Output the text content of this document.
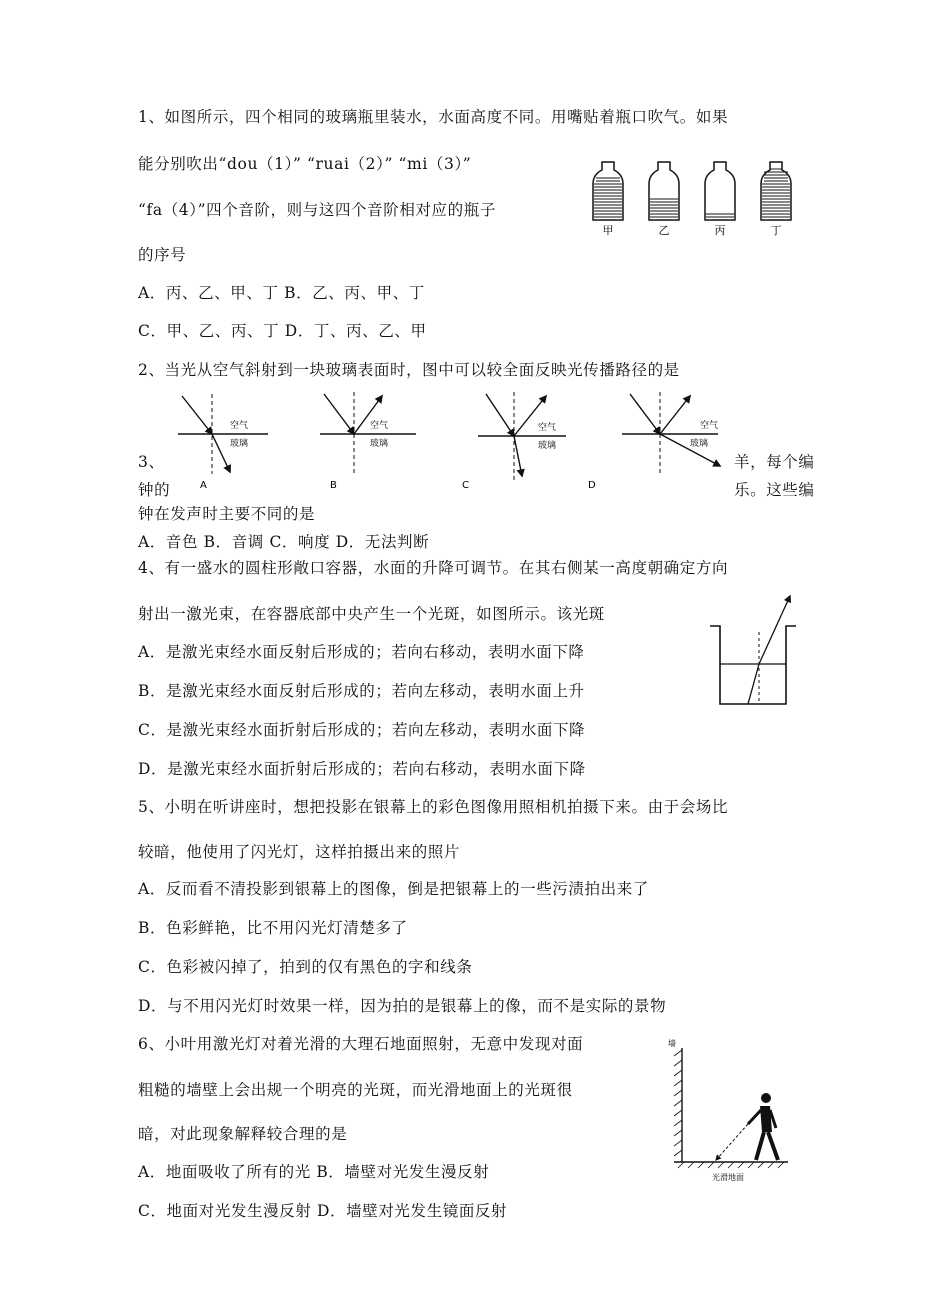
1、如图所示，四个相同的玻璃瓶里装水，水面高度不同。用嘴贴着瓶口吹气。如果
能分别吹出“dou（1）” “ruai（2）” “mi（3）”
“fa（4）”四个音阶，则与这四个音阶相对应的瓶子
的序号
A．丙、乙、甲、丁 B．乙、丙、甲、丁
C．甲、乙、丙、丁 D．丁、丙、乙、甲
甲	乙	丙	丁
2、当光从空气斜射到一块玻璃表面时，图中可以较全面反映光传播路径的是
空气
玻璃
A
空气
玻璃
B
空气
玻璃
C
空气
玻璃
D
3、	羊，每个编
钟的	乐。这些编
钟在发声时主要不同的是
A．音色 B．音调 C．响度 D．无法判断
4、有一盛水的圆柱形敞口容器，水面的升降可调节。在其右侧某一高度朝确定方向
射出一激光束，在容器底部中央产生一个光斑，如图所示。该光斑
A．是激光束经水面反射后形成的；若向右移动，表明水面下降
B．是激光束经水面反射后形成的；若向左移动，表明水面上升
C．是激光束经水面折射后形成的；若向左移动，表明水面下降
D．是激光束经水面折射后形成的；若向右移动，表明水面下降
5、小明在听讲座时，想把投影在银幕上的彩色图像用照相机拍摄下来。由于会场比
较暗，他使用了闪光灯，这样拍摄出来的照片
A．反而看不清投影到银幕上的图像，倒是把银幕上的一些污渍拍出来了
B．色彩鲜艳，比不用闪光灯清楚多了
C．色彩被闪掉了，拍到的仅有黑色的字和线条
D．与不用闪光灯时效果一样，因为拍的是银幕上的像，而不是实际的景物
6、小叶用激光灯对着光滑的大理石地面照射，无意中发现对面
粗糙的墙壁上会出规一个明亮的光斑，而光滑地面上的光斑很
暗，对此现象解释较合理的是
A．地面吸收了所有的光 B．墙壁对光发生漫反射
C．地面对光发生漫反射 D．墙壁对光发生镜面反射
墙
光滑地面
